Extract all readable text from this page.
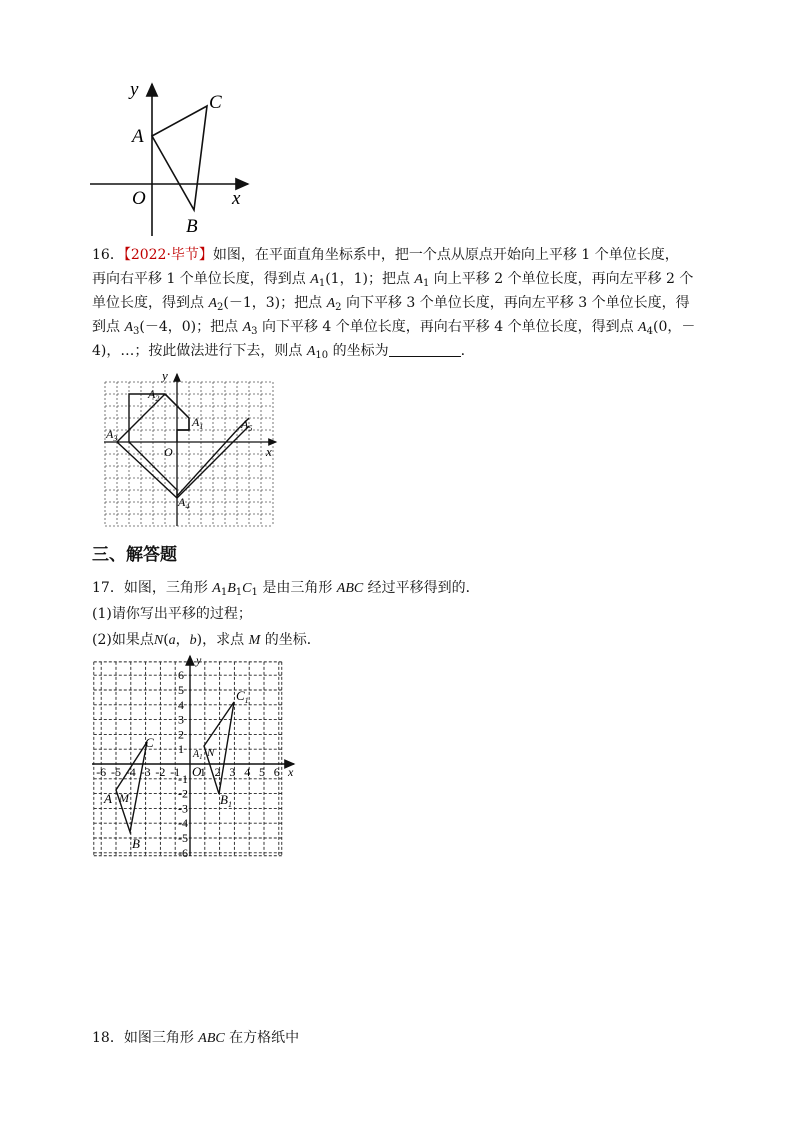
y
x
O
A
C
B
16．【2022·毕节】如图，在平面直角坐标系中，把一个点从原点开始向上平移 1 个单位长度，
再向右平移 1 个单位长度，得到点 $A_1(1$，1)；把点 $A_1$ 向上平移 2 个单位长度，再向左平移 2 个
单位长度，得到点 $A_2(-1$，3)；把点 $A_2$ 向下平移 3 个单位长度，再向左平移 3 个单位长度，得
到点 $A_3(-4$，0)；把点 $A_3$ 向下平移 4 个单位长度，再向右平移 4 个单位长度，得到点 $A_4(0$，－
4)，…；按此做法进行下去，则点 $A_{10}$ 的坐标为	.
y
x
O
$A_1$
$A_2$
$A_3$
$A_4$
$A_5$
三、解答题
17．如图，三角形 $A_1B_1C_1$ 是由三角形 ABC 经过平移得到的．
(1)请你写出平移的过程；
(2)如果点N(a，b)，求点 M 的坐标．
-6 -5 -4 -3 -2 -1 1 2 3 4 5 6
6
5
4
3
2
1
-1
-2
-3
-4
-5
-6
y
x
O
A M
C
B
$C_1$
$A_1$ N
$B_1$
18．如图三角形 ABC 在方格纸中
